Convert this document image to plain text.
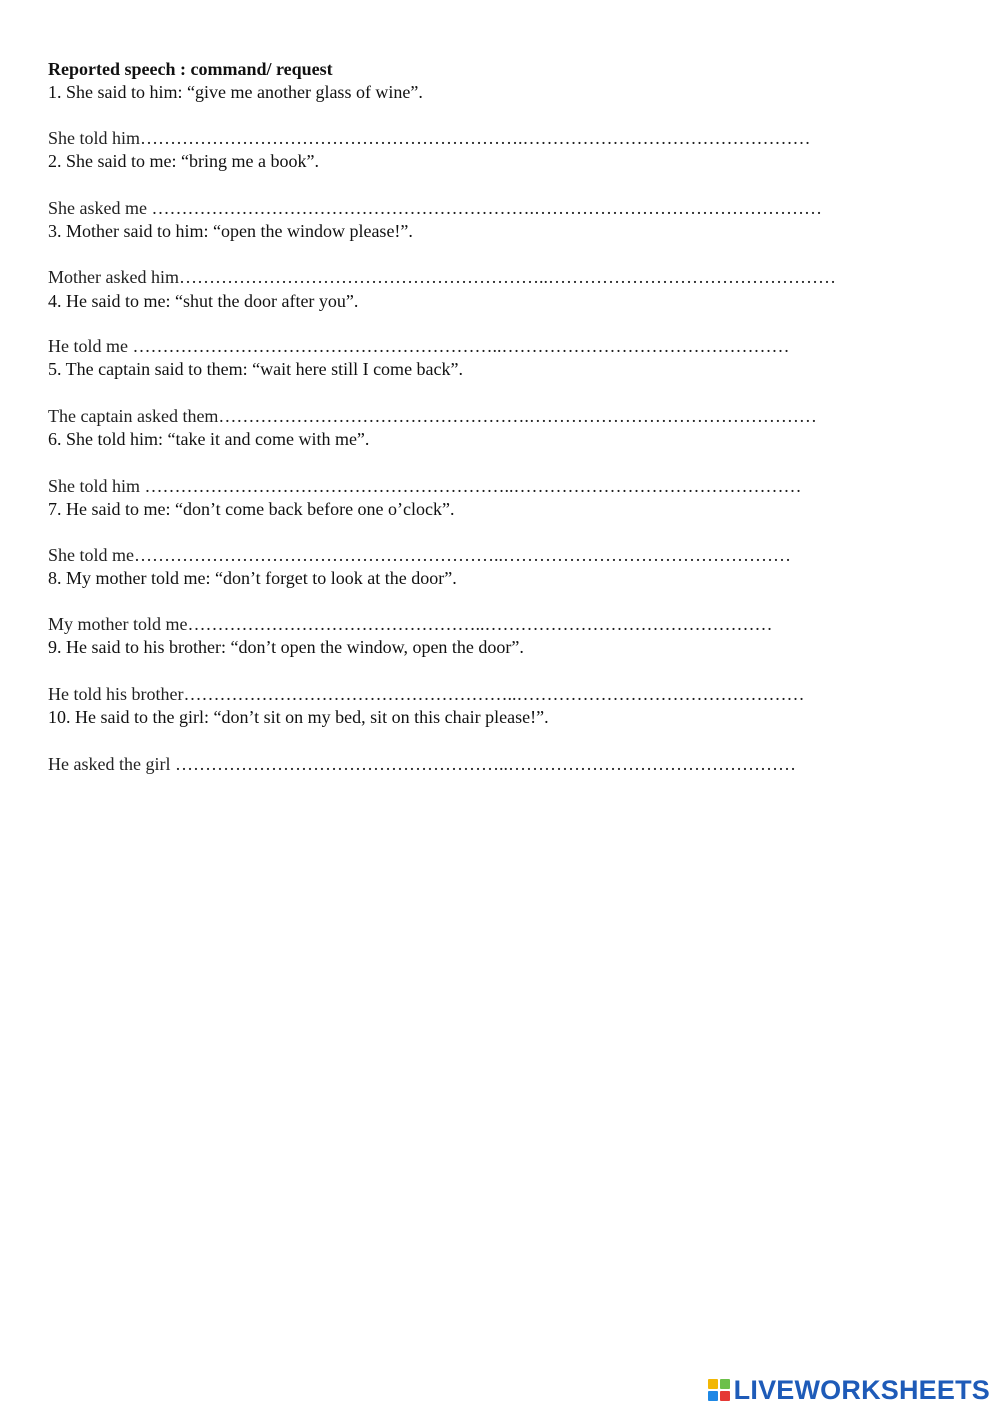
Reported speech : command/ request
1. She said to him: “give me another glass of wine”.
She told him……………………………………………………….…………………………………………
2. She said to me: “bring me a book”.
She asked me ……………………………………………………….…………………………………………
3. Mother said to him: “open the window please!”.
Mother asked him……………………………………………………..…………………………………………
4. He said to me: “shut the door after you”.
He told me ……………………………………………………..…………………………………………
5. The captain said to them: “wait here still I come back”.
The captain asked them…………………………………………….…………………………………………
6. She told him: “take it and come with me”.
She told him ……………………………………………………..…………………………………………
7. He said to me: “don’t come back before one o’clock”.
She told me……………………………………………………..…………………………………………
8. My mother told me: “don’t forget to look at the door”.
My mother told me…………………………………………..…………………………………………
9. He said to his brother: “don’t open the window, open the door”.
He told his brother………………………………………………..…………………………………………
10. He said to the girl: “don’t sit on my bed, sit on this chair please!”.
He asked the girl ………………………………………………..…………………………………………
LIVEWORKSHEETS
